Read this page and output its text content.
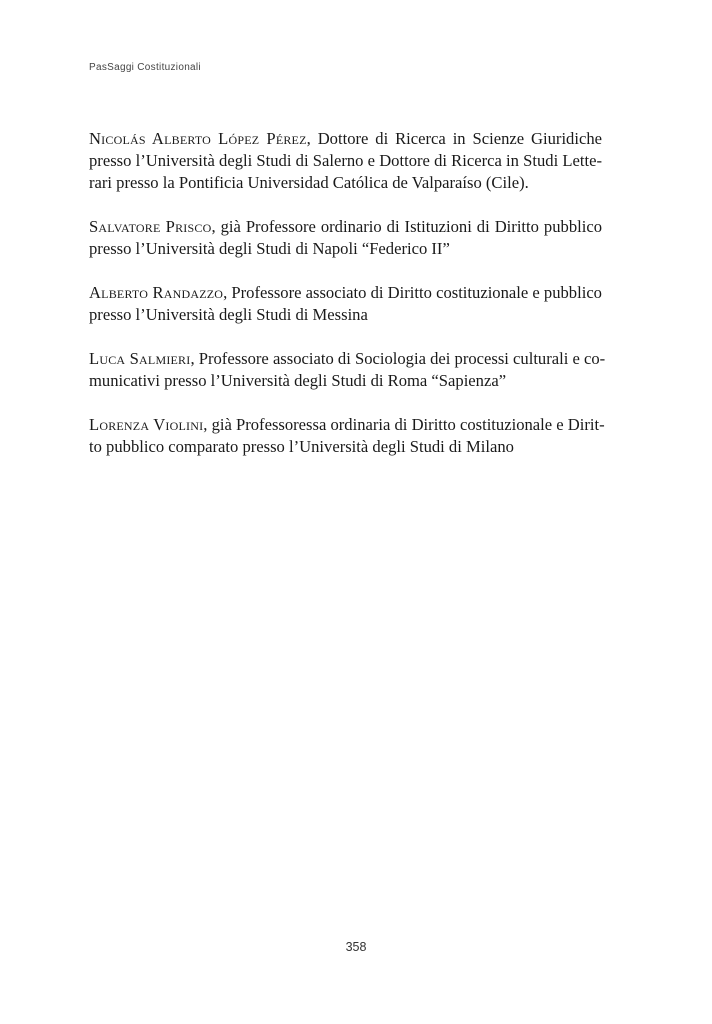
PasSaggi Costituzionali

Nicolás Alberto López Pérez, Dottore di Ricerca in Scienze Giuridiche
presso l’Università degli Studi di Salerno e Dottore di Ricerca in Studi Lette-
rari presso la Pontificia Universidad Católica de Valparaíso (Cile).

Salvatore Prisco, già Professore ordinario di Istituzioni di Diritto pubblico
presso l’Università degli Studi di Napoli “Federico II”

Alberto Randazzo, Professore associato di Diritto costituzionale e pubblico
presso l’Università degli Studi di Messina

Luca Salmieri, Professore associato di Sociologia dei processi culturali e co-
municativi presso l’Università degli Studi di Roma “Sapienza”

Lorenza Violini, già Professoressa ordinaria di Diritto costituzionale e Dirit-
to pubblico comparato presso l’Università degli Studi di Milano

358
